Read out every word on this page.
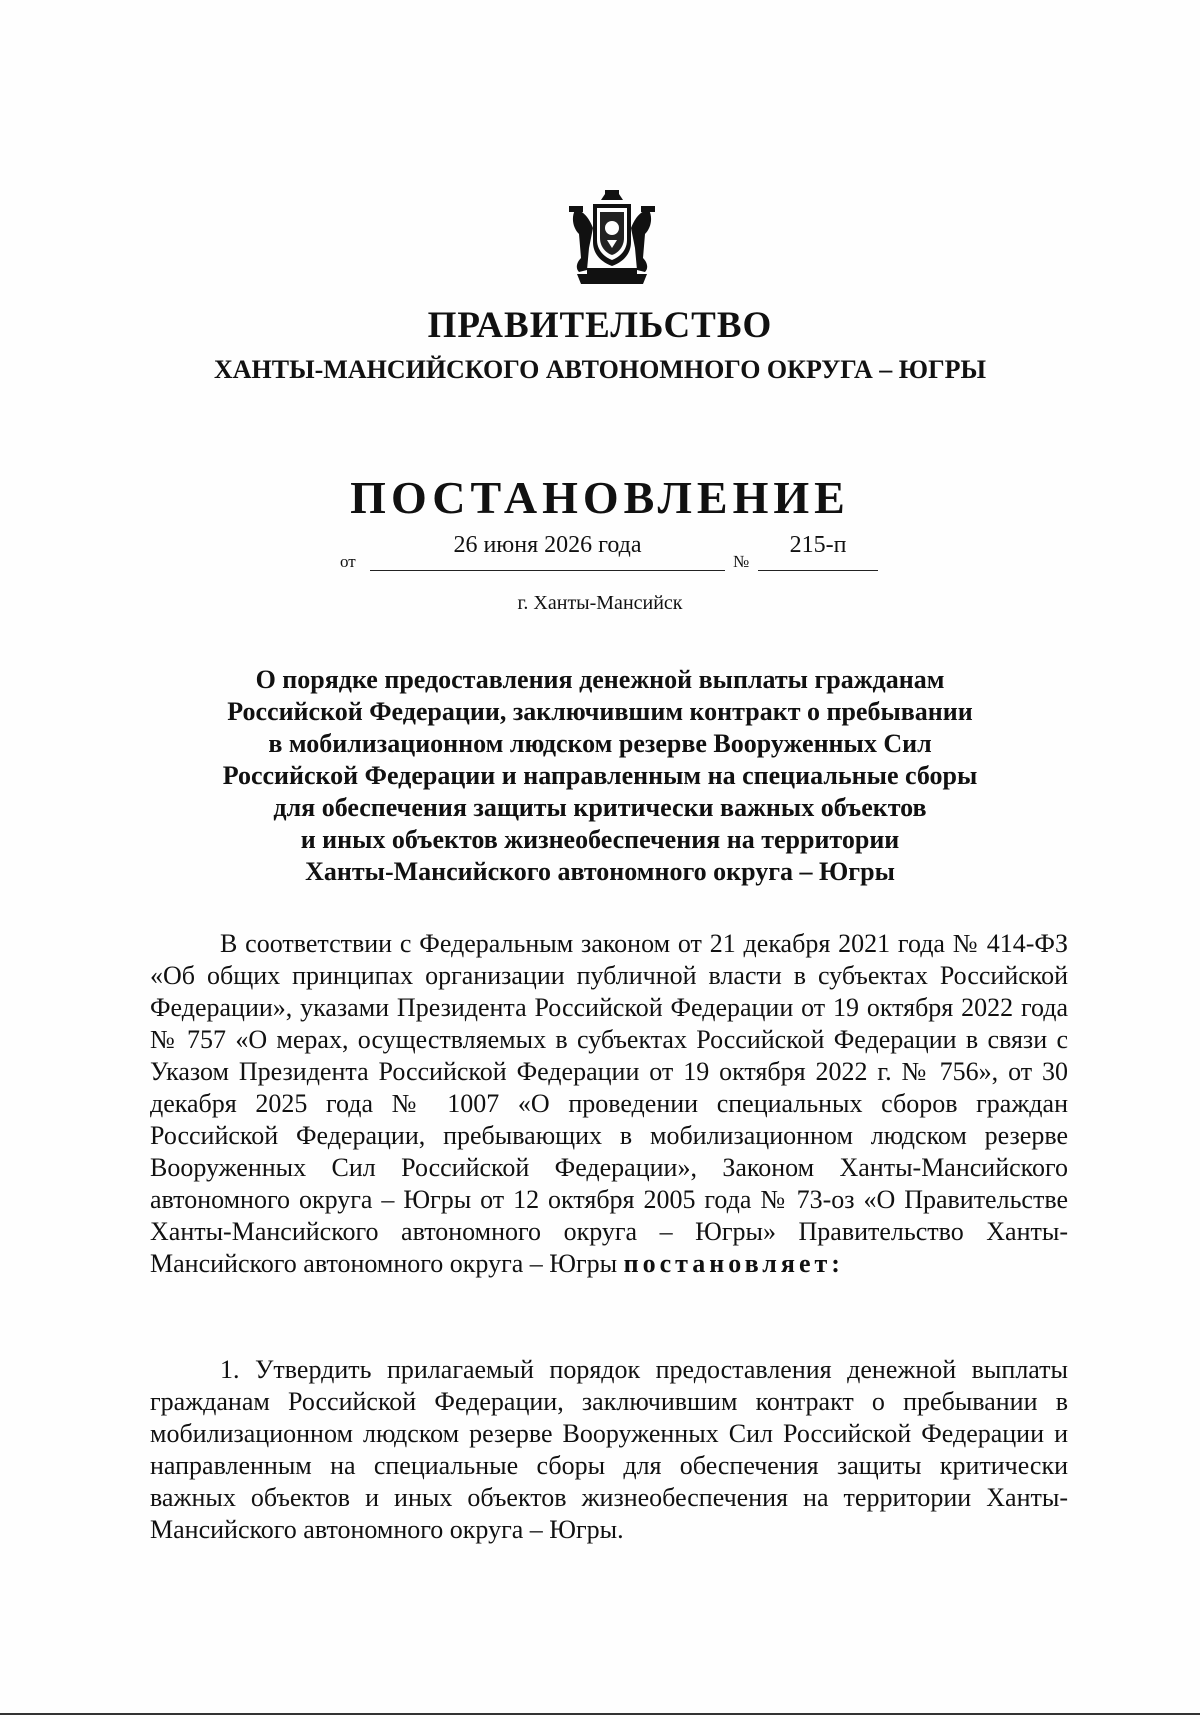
ПРАВИТЕЛЬСТВО
ХАНТЫ-МАНСИЙСКОГО АВТОНОМНОГО ОКРУГА – ЮГРЫ
ПОСТАНОВЛЕНИЕ
от
26 июня 2026 года
№
215-п
г. Ханты-Мансийск
О порядке предоставления денежной выплаты гражданам
Российской Федерации, заключившим контракт о пребывании
в мобилизационном людском резерве Вооруженных Сил
Российской Федерации и направленным на специальные сборы
для обеспечения защиты критически важных объектов
и иных объектов жизнеобеспечения на территории
Ханты-Мансийского автономного округа – Югры

В соответствии с Федеральным законом от 21 декабря 2021 года № 414-ФЗ «Об общих принципах организации публичной власти в субъектах Российской Федерации», указами Президента Российской Федерации от 19 октября 2022 года № 757 «О мерах, осуществляемых в субъектах Российской Федерации в связи с Указом Президента Российской Федерации от 19 октября 2022 г. № 756», от 30 декабря 2025 года № 1007 «О проведении специальных сборов граждан Российской Федерации, пребывающих в мобилизационном людском резерве Вооруженных Сил Российской Федерации», Законом Ханты-Мансийского автономного округа – Югры от 12 октября 2005 года № 73-оз «О Правительстве Ханты-Мансийского автономного округа – Югры» Правительство Ханты-Мансийского автономного округа – Югры постановляет:

1. Утвердить прилагаемый порядок предоставления денежной выплаты гражданам Российской Федерации, заключившим контракт о пребывании в мобилизационном людском резерве Вооруженных Сил Российской Федерации и направленным на специальные сборы для обеспечения защиты критически важных объектов и иных объектов жизнеобеспечения на территории Ханты-Мансийского автономного округа – Югры.
